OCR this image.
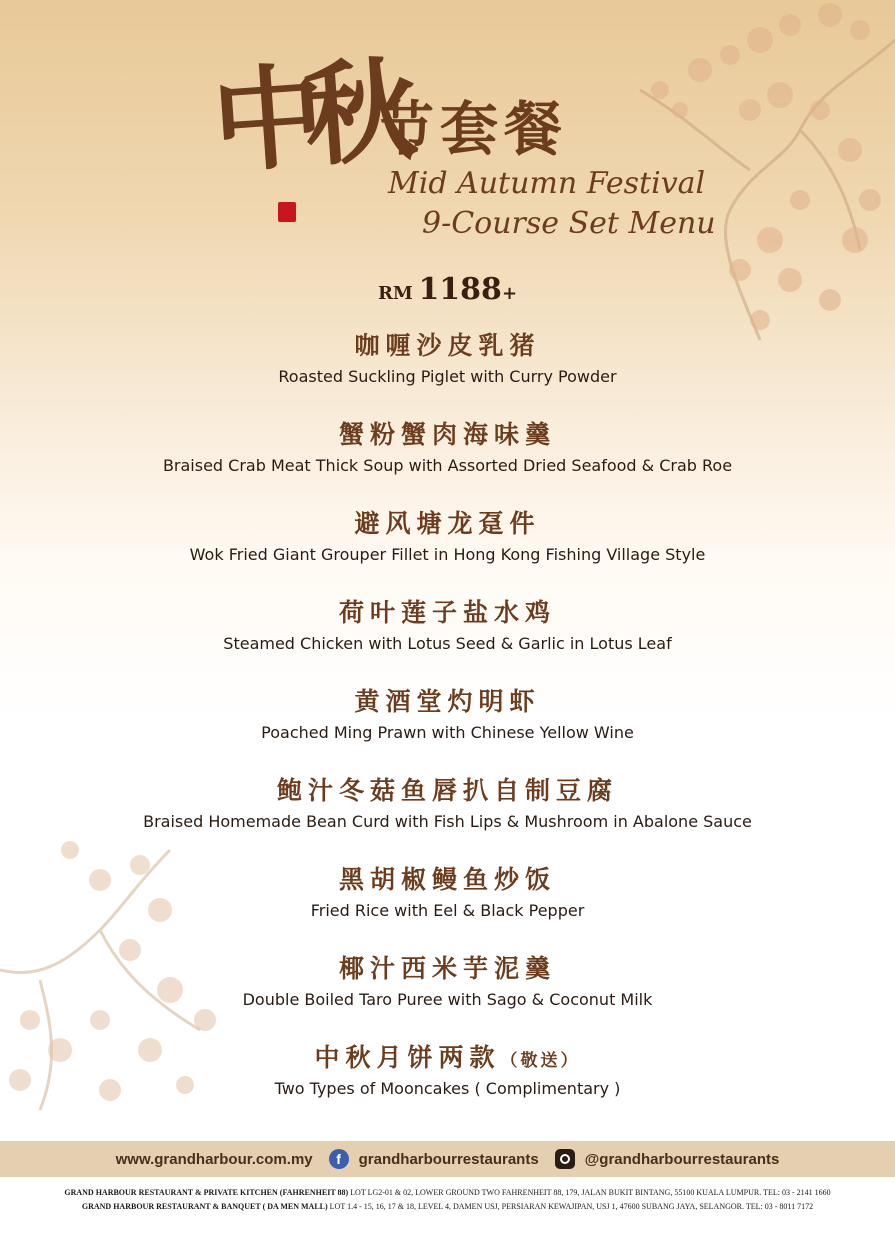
中秋
节套餐
Mid Autumn Festival
9-Course Set Menu
RM 1188+
咖喱沙皮乳猪
Roasted Suckling Piglet with Curry Powder
蟹粉蟹肉海味羹
Braised Crab Meat Thick Soup with Assorted Dried Seafood & Crab Roe
避风塘龙趸件
Wok Fried Giant Grouper Fillet in Hong Kong Fishing Village Style
荷叶莲子盐水鸡
Steamed Chicken with Lotus Seed & Garlic in Lotus Leaf
黄酒堂灼明虾
Poached Ming Prawn with Chinese Yellow Wine
鲍汁冬菇鱼唇扒自制豆腐
Braised Homemade Bean Curd with Fish Lips & Mushroom in Abalone Sauce
黑胡椒鳗鱼炒饭
Fried Rice with Eel & Black Pepper
椰汁西米芋泥羹
Double Boiled Taro Puree with Sago & Coconut Milk
中秋月饼两款（敬送）
Two Types of Mooncakes ( Complimentary )
www.grandharbour.com.my	f	grandharbourrestaurants	@grandharbourrestaurants
GRAND HARBOUR RESTAURANT & PRIVATE KITCHEN (FAHRENHEIT 88) LOT LG2-01 & 02, LOWER GROUND TWO FAHRENHEIT 88, 179, JALAN BUKIT BINTANG, 55100 KUALA LUMPUR. TEL: 03 - 2141 1660
GRAND HARBOUR RESTAURANT & BANQUET ( DA MEN MALL) LOT 1.4 - 15, 16, 17 & 18, LEVEL 4, DAMEN USJ, PERSIARAN KEWAJIPAN, USJ 1, 47600 SUBANG JAYA, SELANGOR. TEL: 03 - 8011 7172
